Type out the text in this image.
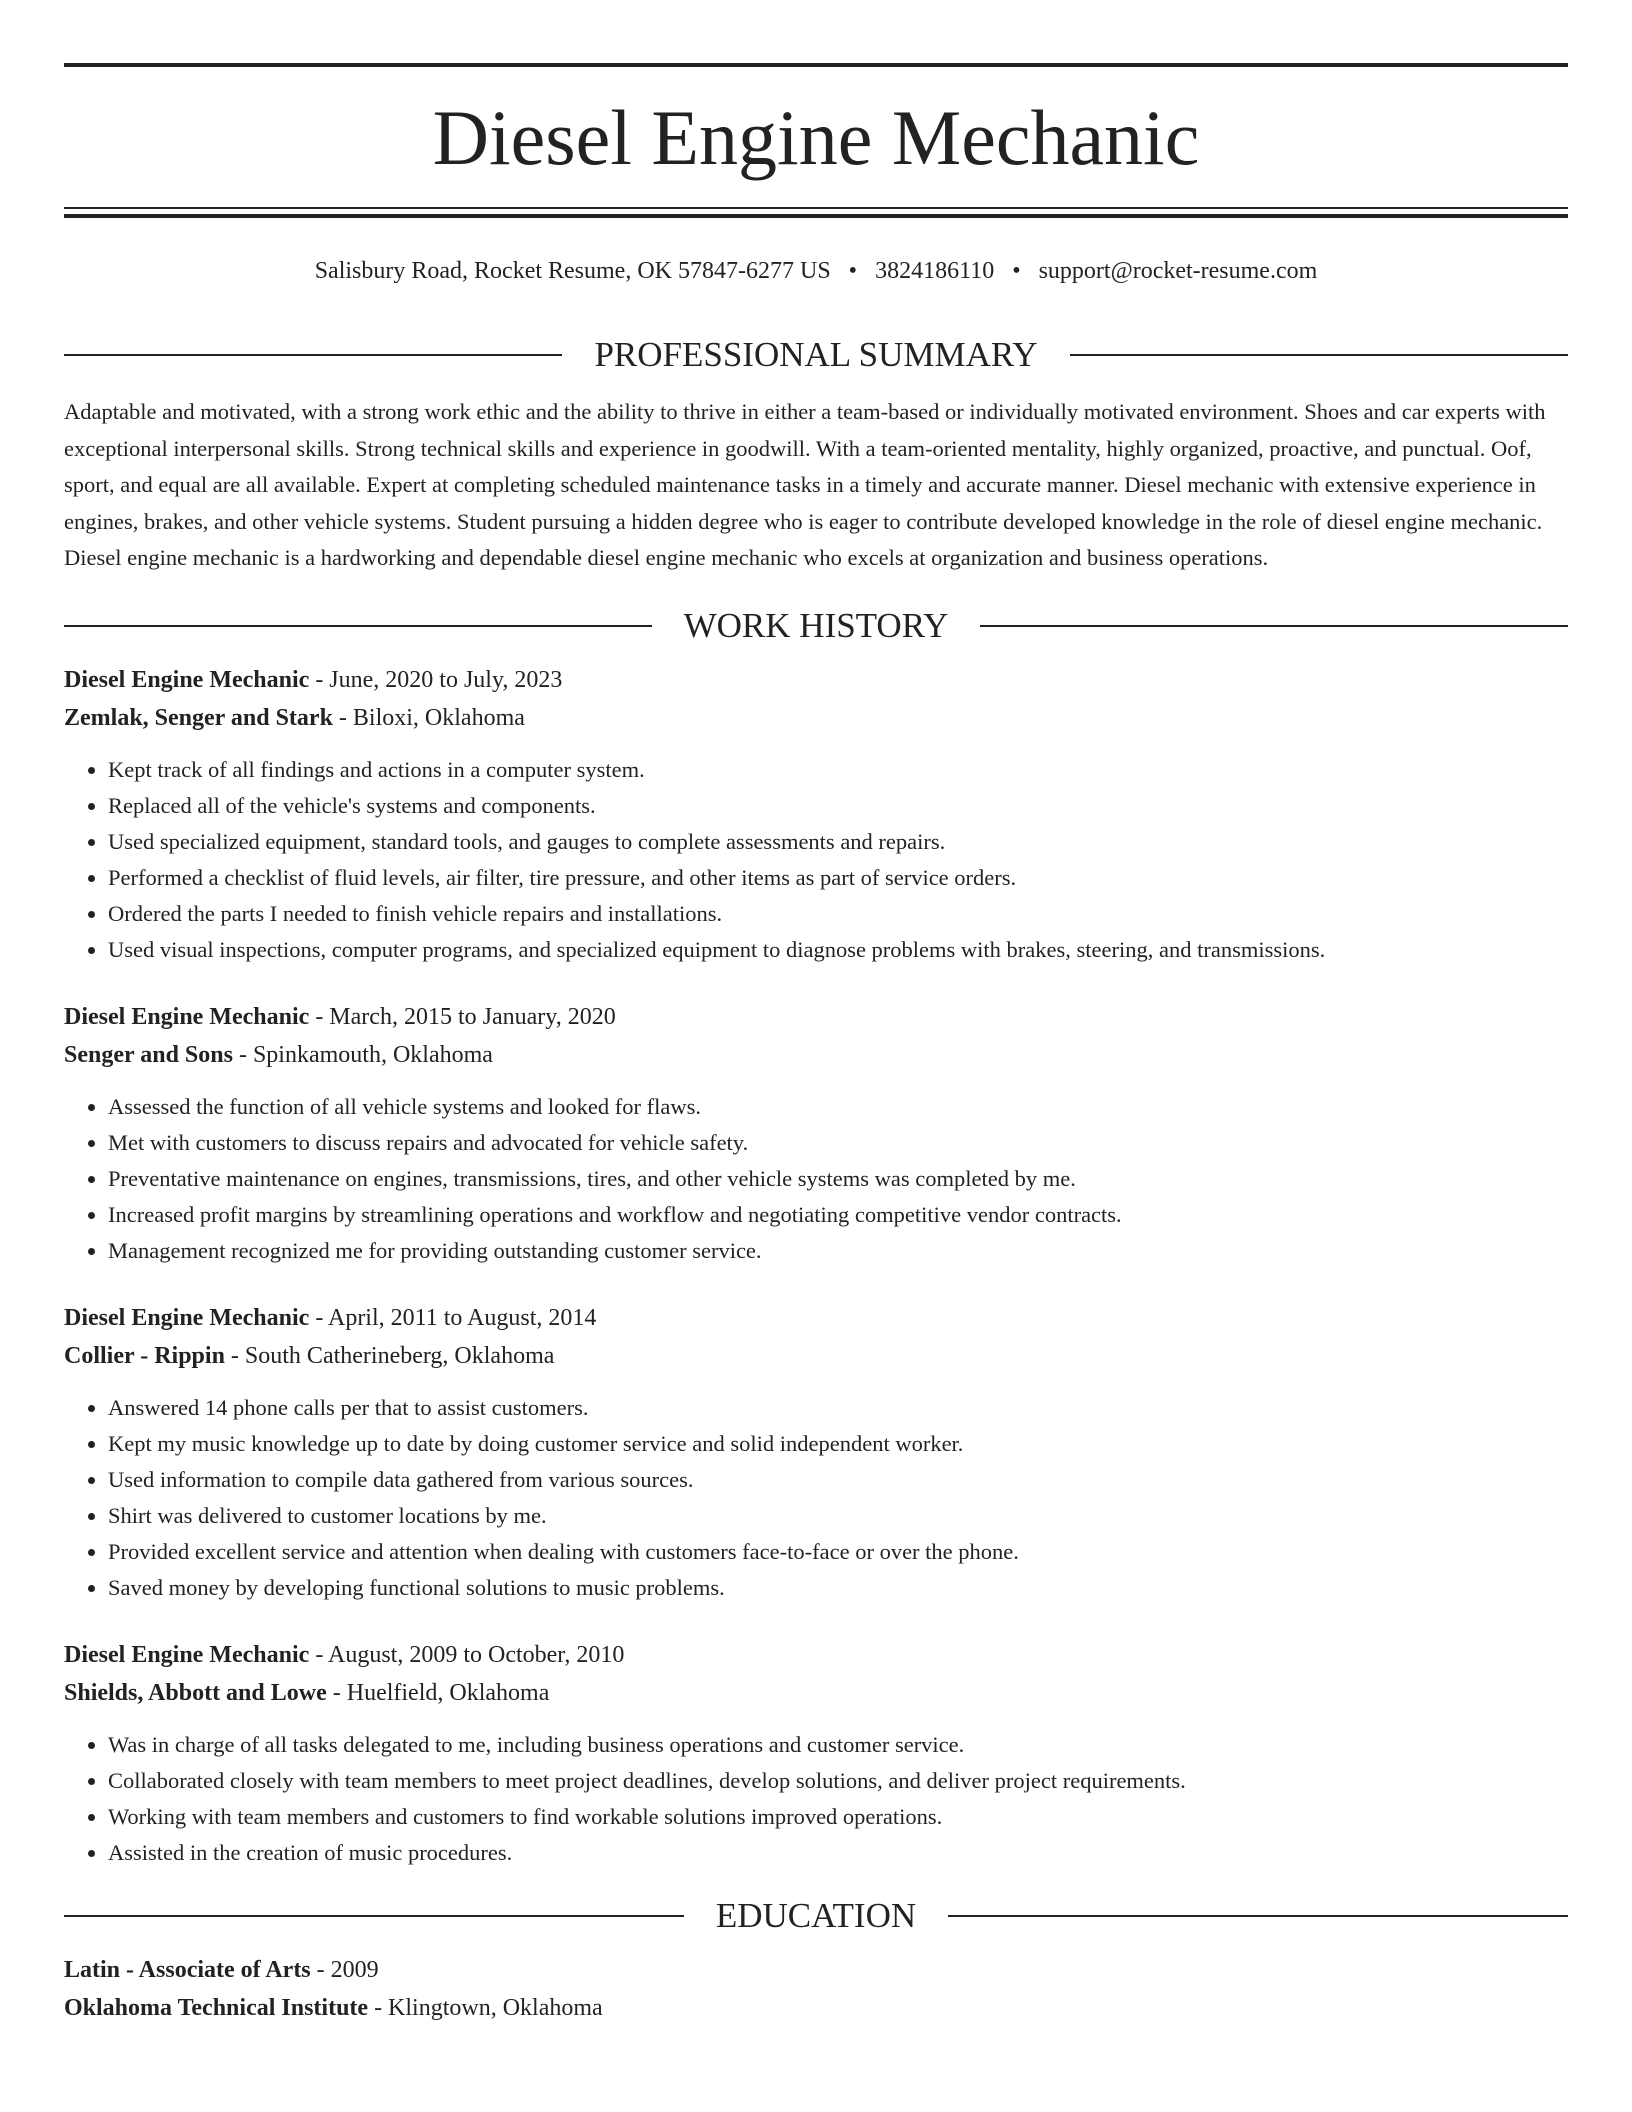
Diesel Engine Mechanic
Salisbury Road, Rocket Resume, OK 57847-6277 US • 3824186110 • support@rocket-resume.com
PROFESSIONAL SUMMARY

Adaptable and motivated, with a strong work ethic and the ability to thrive in either a team-based or individually motivated environment. Shoes and car experts with exceptional interpersonal skills. Strong technical skills and experience in goodwill. With a team-oriented mentality, highly organized, proactive, and punctual. Oof, sport, and equal are all available. Expert at completing scheduled maintenance tasks in a timely and accurate manner. Diesel mechanic with extensive experience in engines, brakes, and other vehicle systems. Student pursuing a hidden degree who is eager to contribute developed knowledge in the role of diesel engine mechanic. Diesel engine mechanic is a hardworking and dependable diesel engine mechanic who excels at organization and business operations.

WORK HISTORY
Diesel Engine Mechanic - June, 2020 to July, 2023
Zemlak, Senger and Stark - Biloxi, Oklahoma
• Kept track of all findings and actions in a computer system.
• Replaced all of the vehicle's systems and components.
• Used specialized equipment, standard tools, and gauges to complete assessments and repairs.
• Performed a checklist of fluid levels, air filter, tire pressure, and other items as part of service orders.
• Ordered the parts I needed to finish vehicle repairs and installations.
• Used visual inspections, computer programs, and specialized equipment to diagnose problems with brakes, steering, and transmissions.
Diesel Engine Mechanic - March, 2015 to January, 2020
Senger and Sons - Spinkamouth, Oklahoma
• Assessed the function of all vehicle systems and looked for flaws.
• Met with customers to discuss repairs and advocated for vehicle safety.
• Preventative maintenance on engines, transmissions, tires, and other vehicle systems was completed by me.
• Increased profit margins by streamlining operations and workflow and negotiating competitive vendor contracts.
• Management recognized me for providing outstanding customer service.
Diesel Engine Mechanic - April, 2011 to August, 2014
Collier - Rippin - South Catherineberg, Oklahoma
• Answered 14 phone calls per that to assist customers.
• Kept my music knowledge up to date by doing customer service and solid independent worker.
• Used information to compile data gathered from various sources.
• Shirt was delivered to customer locations by me.
• Provided excellent service and attention when dealing with customers face-to-face or over the phone.
• Saved money by developing functional solutions to music problems.
Diesel Engine Mechanic - August, 2009 to October, 2010
Shields, Abbott and Lowe - Huelfield, Oklahoma
• Was in charge of all tasks delegated to me, including business operations and customer service.
• Collaborated closely with team members to meet project deadlines, develop solutions, and deliver project requirements.
• Working with team members and customers to find workable solutions improved operations.
• Assisted in the creation of music procedures.
EDUCATION
Latin - Associate of Arts - 2009
Oklahoma Technical Institute - Klingtown, Oklahoma
